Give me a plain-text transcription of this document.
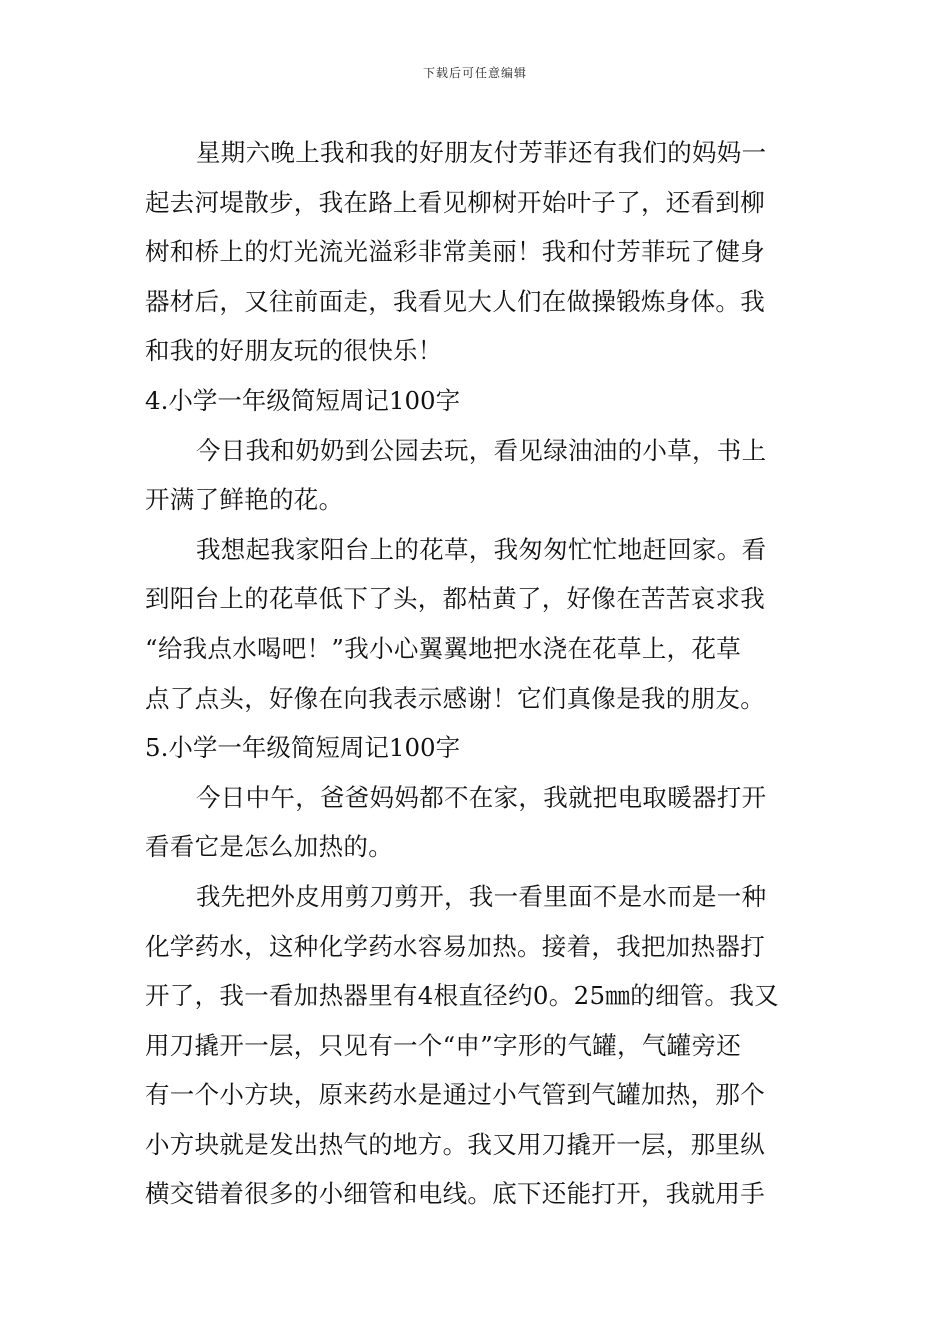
下载后可任意编辑
星期六晚上我和我的好朋友付芳菲还有我们的妈妈一
起去河堤散步，我在路上看见柳树开始叶子了，还看到柳
树和桥上的灯光流光溢彩非常美丽！我和付芳菲玩了健身
器材后，又往前面走，我看见大人们在做操锻炼身体。我
和我的好朋友玩的很快乐！
4.小学一年级简短周记100字
今日我和奶奶到公园去玩，看见绿油油的小草，书上
开满了鲜艳的花。
我想起我家阳台上的花草，我匆匆忙忙地赶回家。看
到阳台上的花草低下了头，都枯黄了，好像在苦苦哀求我
“给我点水喝吧！”我小心翼翼地把水浇在花草上，花草
点了点头，好像在向我表示感谢！它们真像是我的朋友。
5.小学一年级简短周记100字
今日中午，爸爸妈妈都不在家，我就把电取暖器打开
看看它是怎么加热的。
我先把外皮用剪刀剪开，我一看里面不是水而是一种
化学药水，这种化学药水容易加热。接着，我把加热器打
开了，我一看加热器里有4根直径约0。25㎜的细管。我又
用刀撬开一层，只见有一个“申”字形的气罐，气罐旁还
有一个小方块，原来药水是通过小气管到气罐加热，那个
小方块就是发出热气的地方。我又用刀撬开一层，那里纵
横交错着很多的小细管和电线。底下还能打开，我就用手
